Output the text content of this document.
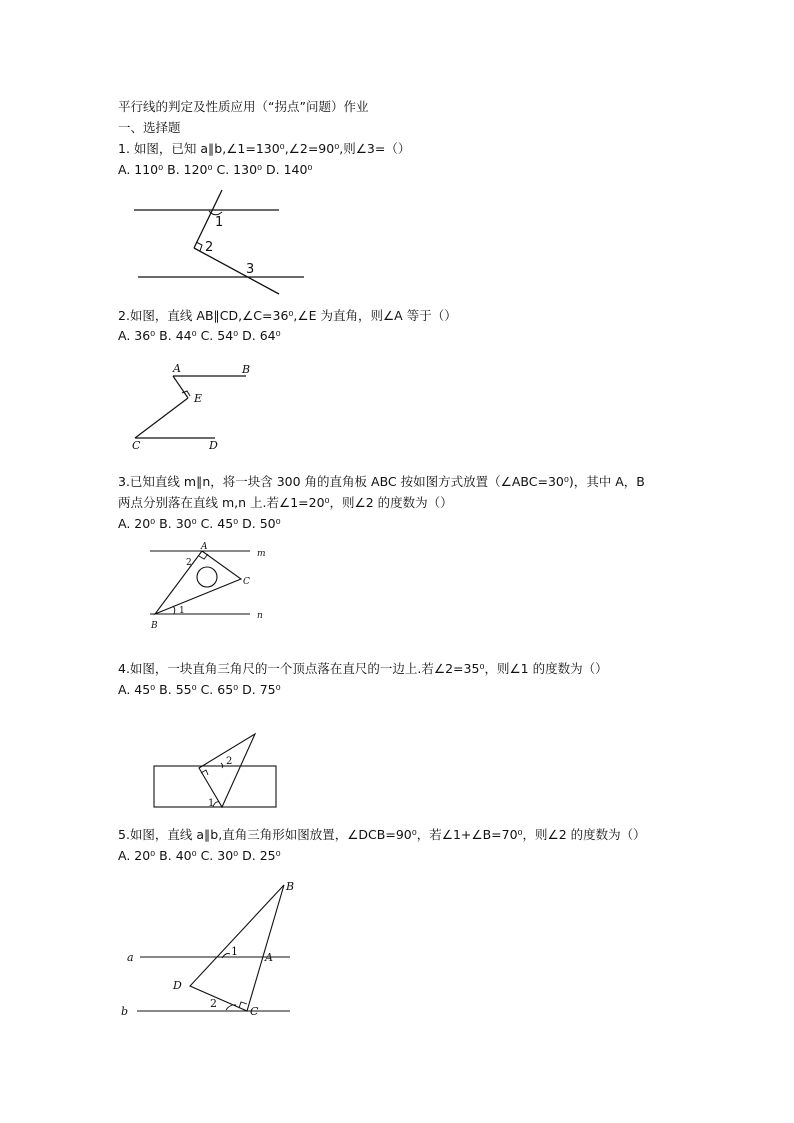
平行线的判定及性质应用（“拐点”问题）作业
一、选择题
1. 如图，已知 a∥b,∠1=130⁰,∠2=90⁰,则∠3=（）
A. 110⁰ B. 120⁰ C. 130⁰ D. 140⁰
1
2
3
2.如图，直线 AB∥CD,∠C=36⁰,∠E 为直角，则∠A 等于（）
A. 36⁰ B. 44⁰ C. 54⁰ D. 64⁰
A	B
E
C	D
3.已知直线 m∥n，将一块含 300 角的直角板 ABC 按如图方式放置（∠ABC=30⁰)，其中 A，B
两点分别落在直线 m,n 上.若∠1=20⁰，则∠2 的度数为（）
A. 20⁰ B. 30⁰ C. 45⁰ D. 50⁰
A
m
2
C
1	n
B
4.如图，一块直角三角尺的一个顶点落在直尺的一边上.若∠2=35⁰，则∠1 的度数为（）
A. 45⁰ B. 55⁰ C. 65⁰ D. 75⁰
2
1
5.如图，直线 a∥b,直角三角形如图放置，∠DCB=90⁰，若∠1+∠B=70⁰，则∠2 的度数为（）
A. 20⁰ B. 40⁰ C. 30⁰ D. 25⁰
B
a	1 A
D
2
C
b
